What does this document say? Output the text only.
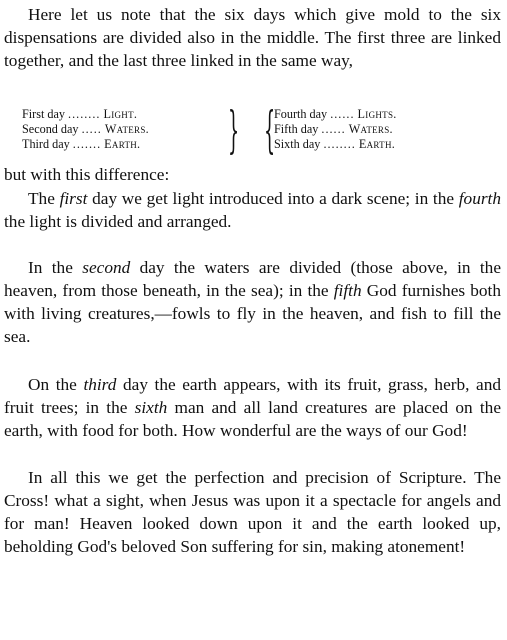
Here let us note that the six days which give mold to the six dispensations are divided also in the middle. The first three are linked together, and the last three linked in the same way,

First day ........ Light.
Second day ..... Waters.
Third day ....... Earth.	} {
Fourth day ...... Lights.
Fifth day ...... Waters.
Sixth day ........ Earth.

but with this difference:

The first day we get light introduced into a dark scene; in the fourth the light is divided and arranged.

In the second day the waters are divided (those above, in the heaven, from those beneath, in the sea); in the fifth God furnishes both with living creatures,—fowls to fly in the heaven, and fish to fill the sea.

On the third day the earth appears, with its fruit, grass, herb, and fruit trees; in the sixth man and all land creatures are placed on the earth, with food for both. How wonderful are the ways of our God!

In all this we get the perfection and precision of Scripture. The Cross! what a sight, when Jesus was upon it a spectacle for angels and for man! Heaven looked down upon it and the earth looked up, beholding God's beloved Son suffering for sin, making atonement!
